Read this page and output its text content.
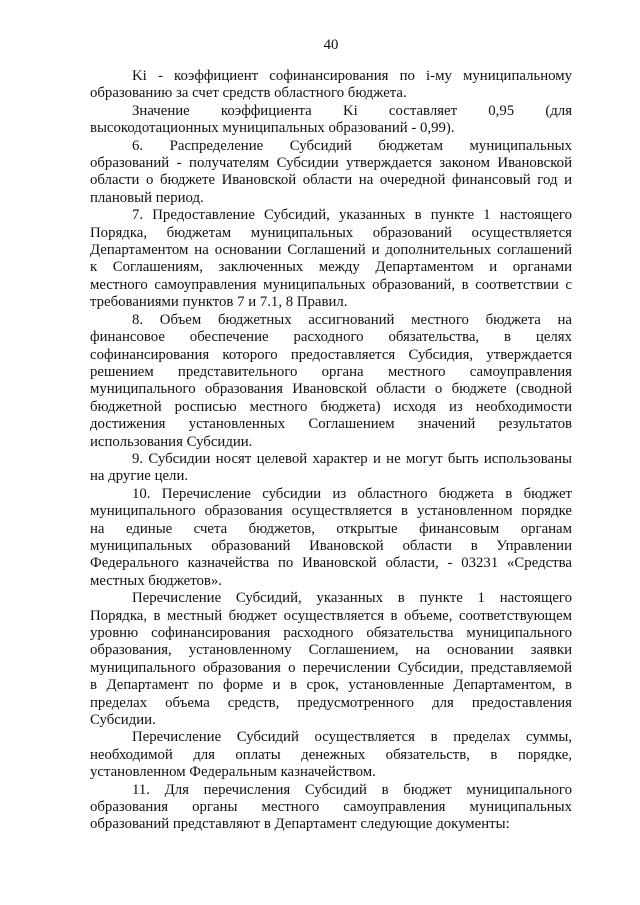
40
Ki - коэффициент софинансирования по i-му муниципальному
образованию за счет средств областного бюджета.
Значение коэффициента Ki составляет 0,95 (для
высокодотационных муниципальных образований - 0,99).
6. Распределение Субсидий бюджетам муниципальных
образований - получателям Субсидии утверждается законом Ивановской
области о бюджете Ивановской области на очередной финансовый год и
плановый период.
7. Предоставление Субсидий, указанных в пункте 1 настоящего
Порядка, бюджетам муниципальных образований осуществляется
Департаментом на основании Соглашений и дополнительных соглашений
к Соглашениям, заключенных между Департаментом и органами
местного самоуправления муниципальных образований, в соответствии с
требованиями пунктов 7 и 7.1, 8 Правил.
8. Объем бюджетных ассигнований местного бюджета на
финансовое обеспечение расходного обязательства, в целях
софинансирования которого предоставляется Субсидия, утверждается
решением представительного органа местного самоуправления
муниципального образования Ивановской области о бюджете (сводной
бюджетной росписью местного бюджета) исходя из необходимости
достижения установленных Соглашением значений результатов
использования Субсидии.
9. Субсидии носят целевой характер и не могут быть использованы
на другие цели.
10. Перечисление субсидии из областного бюджета в бюджет
муниципального образования осуществляется в установленном порядке
на единые счета бюджетов, открытые финансовым органам
муниципальных образований Ивановской области в Управлении
Федерального казначейства по Ивановской области, - 03231 «Средства
местных бюджетов».
Перечисление Субсидий, указанных в пункте 1 настоящего
Порядка, в местный бюджет осуществляется в объеме, соответствующем
уровню софинансирования расходного обязательства муниципального
образования, установленному Соглашением, на основании заявки
муниципального образования о перечислении Субсидии, представляемой
в Департамент по форме и в срок, установленные Департаментом, в
пределах объема средств, предусмотренного для предоставления
Субсидии.
Перечисление Субсидий осуществляется в пределах суммы,
необходимой для оплаты денежных обязательств, в порядке,
установленном Федеральным казначейством.
11. Для перечисления Субсидий в бюджет муниципального
образования органы местного самоуправления муниципальных
образований представляют в Департамент следующие документы:
